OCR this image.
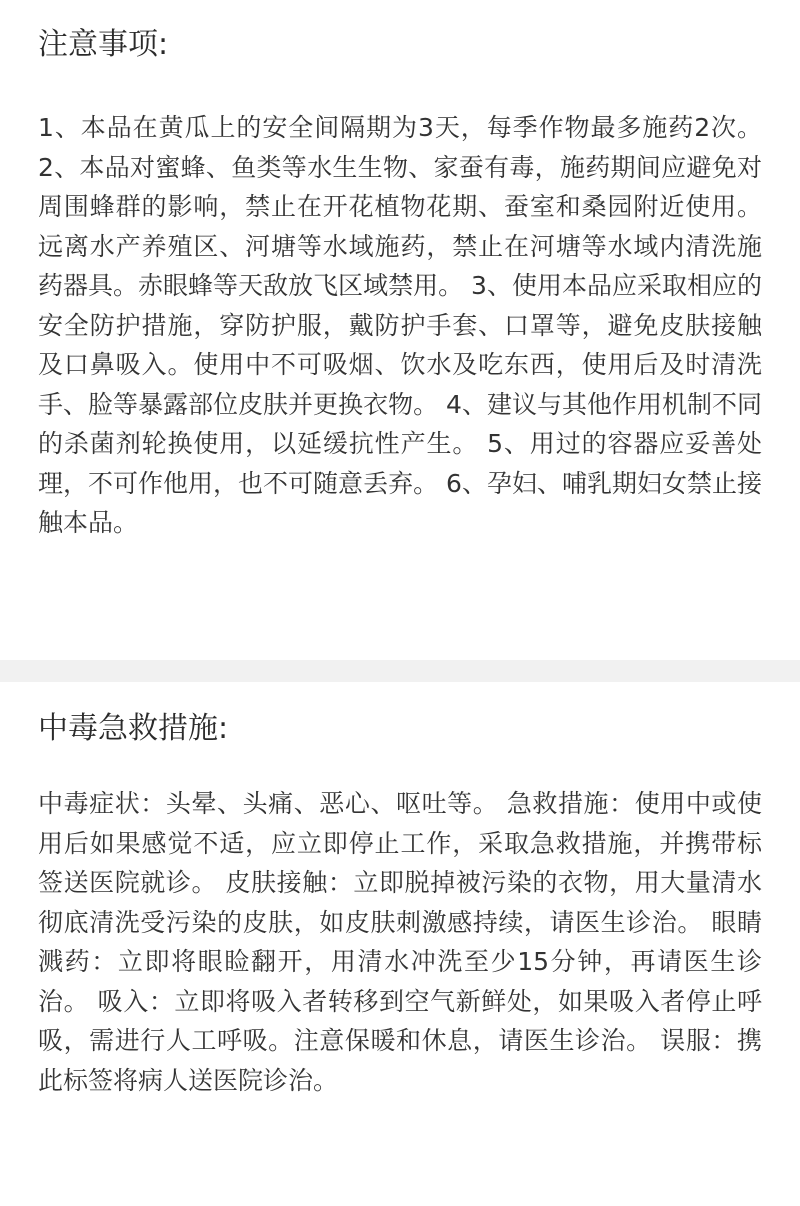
注意事项:

1、本品在黄瓜上的安全间隔期为3天，每季作物最多施药2次。 2、本品对蜜蜂、鱼类等水生生物、家蚕有毒，施药期间应避免对周围蜂群的影响，禁止在开花植物花期、蚕室和桑园附近使用。远离水产养殖区、河塘等水域施药，禁止在河塘等水域内清洗施药器具。赤眼蜂等天敌放飞区域禁用。 3、使用本品应采取相应的安全防护措施，穿防护服，戴防护手套、口罩等，避免皮肤接触及口鼻吸入。使用中不可吸烟、饮水及吃东西，使用后及时清洗手、脸等暴露部位皮肤并更换衣物。 4、建议与其他作用机制不同的杀菌剂轮换使用，以延缓抗性产生。 5、用过的容器应妥善处理，不可作他用，也不可随意丢弃。 6、孕妇、哺乳期妇女禁止接触本品。

中毒急救措施:

中毒症状：头晕、头痛、恶心、呕吐等。 急救措施：使用中或使用后如果感觉不适，应立即停止工作，采取急救措施，并携带标签送医院就诊。 皮肤接触：立即脱掉被污染的衣物，用大量清水彻底清洗受污染的皮肤，如皮肤刺激感持续，请医生诊治。 眼睛溅药：立即将眼睑翻开，用清水冲洗至少15分钟，再请医生诊治。 吸入：立即将吸入者转移到空气新鲜处，如果吸入者停止呼吸，需进行人工呼吸。注意保暖和休息，请医生诊治。 误服：携此标签将病人送医院诊治。
